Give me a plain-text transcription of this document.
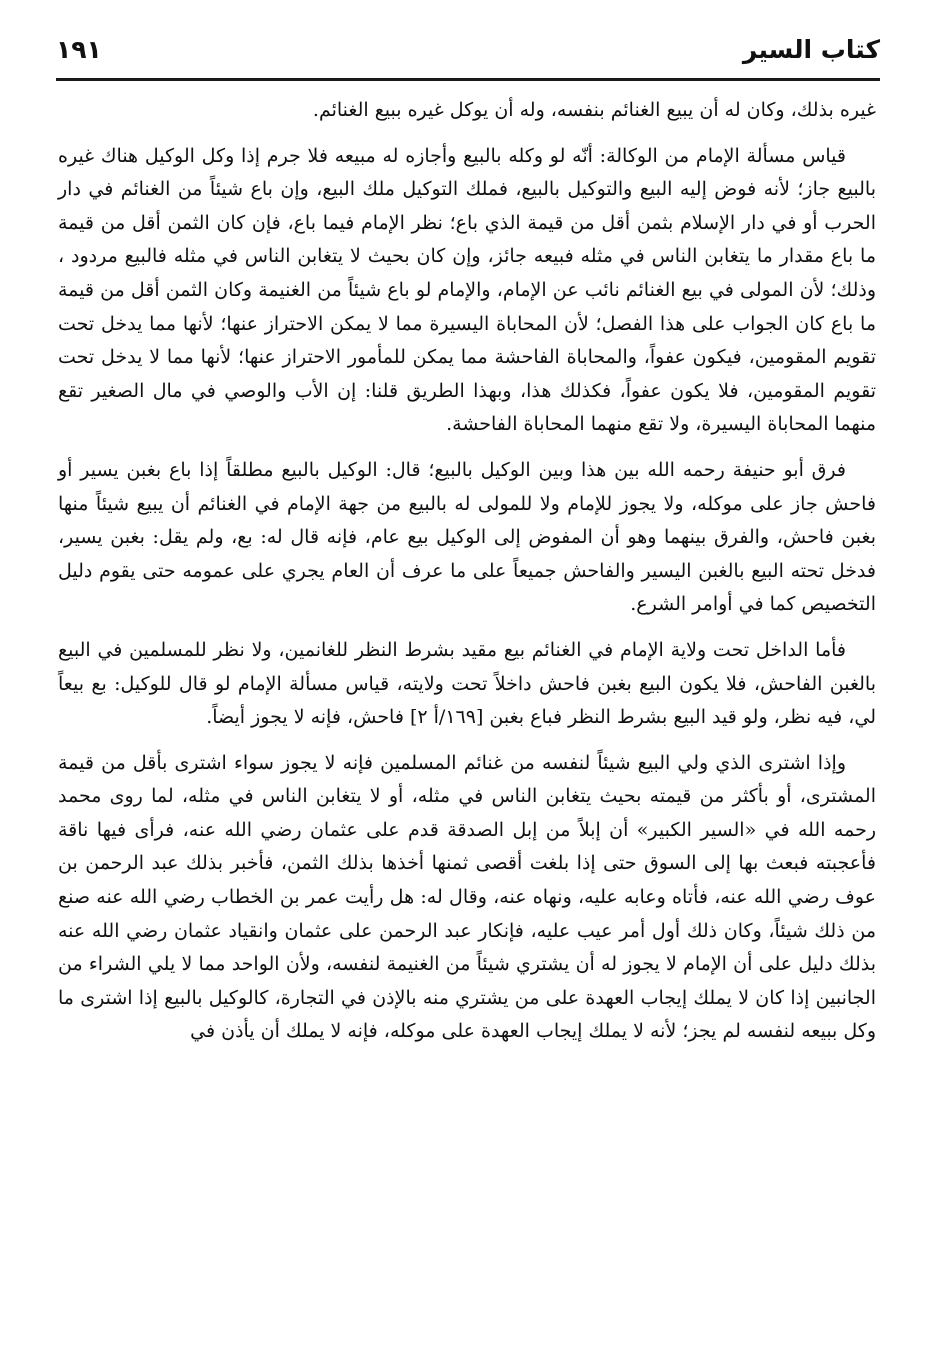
كتاب السير
١٩١

غيره بذلك، وكان له أن يبيع الغنائم بنفسه، وله أن يوكل غيره ببيع الغنائم.

قياس مسألة الإمام من الوكالة: أنّه لو وكله بالبيع وأجازه له مبيعه فلا جرم إذا وكل الوكيل هناك غيره بالبيع جاز؛ لأنه فوض إليه البيع والتوكيل بالبيع، فملك التوكيل ملك البيع، وإن باع شيئاً من الغنائم في دار الحرب أو في دار الإسلام بثمن أقل من قيمة الذي باع؛ نظر الإمام فيما باع، فإن كان الثمن أقل من قيمة ما باع مقدار ما يتغابن الناس في مثله فبيعه جائز، وإن كان بحيث لا يتغابن الناس في مثله فالبيع مردود ، وذلك؛ لأن المولى في بيع الغنائم نائب عن الإمام، والإمام لو باع شيئاً من الغنيمة وكان الثمن أقل من قيمة ما باع كان الجواب على هذا الفصل؛ لأن المحاباة اليسيرة مما لا يمكن الاحتراز عنها؛ لأنها مما يدخل تحت تقويم المقومين، فيكون عفواً، والمحاباة الفاحشة مما يمكن للمأمور الاحتراز عنها؛ لأنها مما لا يدخل تحت تقويم المقومين، فلا يكون عفواً، فكذلك هذا، وبهذا الطريق قلنا: إن الأب والوصي في مال الصغير تقع منهما المحاباة اليسيرة، ولا تقع منهما المحاباة الفاحشة.

فرق أبو حنيفة رحمه الله بين هذا وبين الوكيل بالبيع؛ قال: الوكيل بالبيع مطلقاً إذا باع بغبن يسير أو فاحش جاز على موكله، ولا يجوز للإمام ولا للمولى له بالبيع من جهة الإمام في الغنائم أن يبيع شيئاً منها بغبن فاحش، والفرق بينهما وهو أن المفوض إلى الوكيل بيع عام، فإنه قال له: بع، ولم يقل: بغبن يسير، فدخل تحته البيع بالغبن اليسير والفاحش جميعاً على ما عرف أن العام يجري على عمومه حتى يقوم دليل التخصيص كما في أوامر الشرع.

فأما الداخل تحت ولاية الإمام في الغنائم بيع مقيد بشرط النظر للغانمين، ولا نظر للمسلمين في البيع بالغبن الفاحش، فلا يكون البيع بغبن فاحش داخلاً تحت ولايته، قياس مسألة الإمام لو قال للوكيل: بع بيعاً لي، فيه نظر، ولو قيد البيع بشرط النظر فباع بغبن [١٦٩/أ ٢] فاحش، فإنه لا يجوز أيضاً.

وإذا اشترى الذي ولي البيع شيئاً لنفسه من غنائم المسلمين فإنه لا يجوز سواء اشترى بأقل من قيمة المشترى، أو بأكثر من قيمته بحيث يتغابن الناس في مثله، أو لا يتغابن الناس في مثله، لما روى محمد رحمه الله في «السير الكبير» أن إبلاً من إبل الصدقة قدم على عثمان رضي الله عنه، فرأى فيها ناقة فأعجبته فبعث بها إلى السوق حتى إذا بلغت أقصى ثمنها أخذها بذلك الثمن، فأخبر بذلك عبد الرحمن بن عوف رضي الله عنه، فأتاه وعابه عليه، ونهاه عنه، وقال له: هل رأيت عمر بن الخطاب رضي الله عنه صنع من ذلك شيئاً، وكان ذلك أول أمر عيب عليه، فإنكار عبد الرحمن على عثمان وانقياد عثمان رضي الله عنه بذلك دليل على أن الإمام لا يجوز له أن يشتري شيئاً من الغنيمة لنفسه، ولأن الواحد مما لا يلي الشراء من الجانبين إذا كان لا يملك إيجاب العهدة على من يشتري منه بالإذن في التجارة، كالوكيل بالبيع إذا اشترى ما وكل ببيعه لنفسه لم يجز؛ لأنه لا يملك إيجاب العهدة على موكله، فإنه لا يملك أن يأذن في
